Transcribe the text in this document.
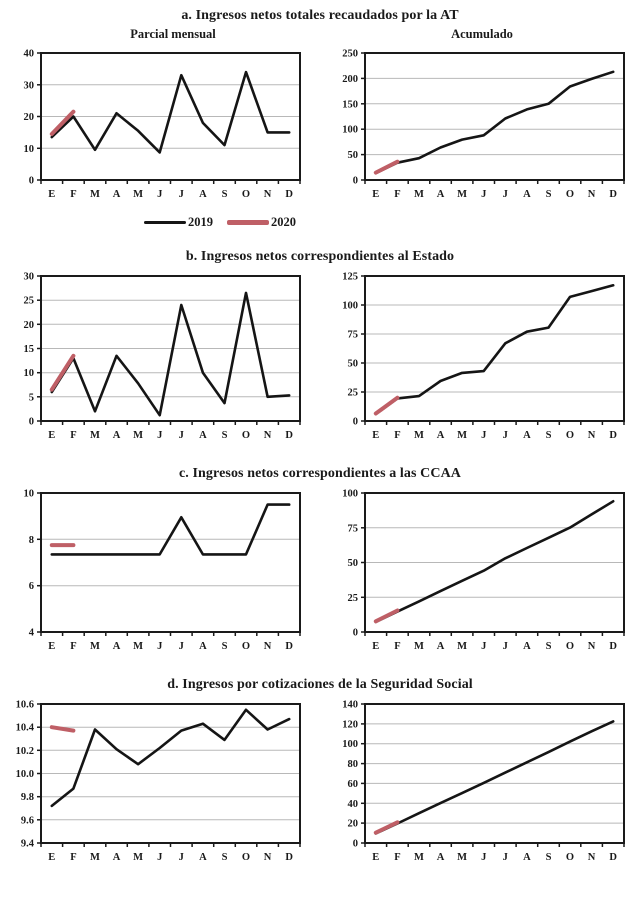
a. Ingresos netos totales recaudados por la AT
Parcial mensual	Acumulado
0
10
20
30
40
E F M A M J J A S O N D
0
50
100
150
200
250
E F M A M J J A S O N D
2019	2020
b. Ingresos netos correspondientes al Estado
0
5
10
15
20
25
30
E F M A M J J A S O N D
0
25
50
75
100
125
E F M A M J J A S O N D
c. Ingresos netos correspondientes a las CCAA
4
6
8
10
E F M A M J J A S O N D
0
25
50
75
100
E F M A M J J A S O N D
d. Ingresos por cotizaciones de la Seguridad Social
9.4
9.6
9.8
10.0
10.2
10.4
10.6
E F M A M J J A S O N D
0
20
40
60
80
100
120
140
E F M A M J J A S O N D
